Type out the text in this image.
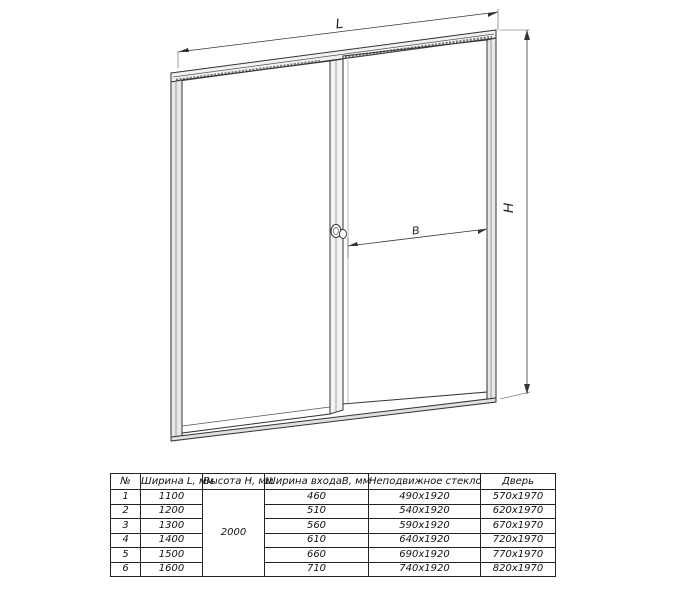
L
H
B
№	Ширина L, мм	Высота H, мм	Ширина входаB, мм	Неподвижное стекло	Дверь
1	1100	2000	460	490x1920	570x1970
2	1200		510	540x1920	620x1970
3	1300		560	590x1920	670x1970
4	1400		610	640x1920	720x1970
5	1500		660	690x1920	770x1970
6	1600		710	740x1920	820x1970
